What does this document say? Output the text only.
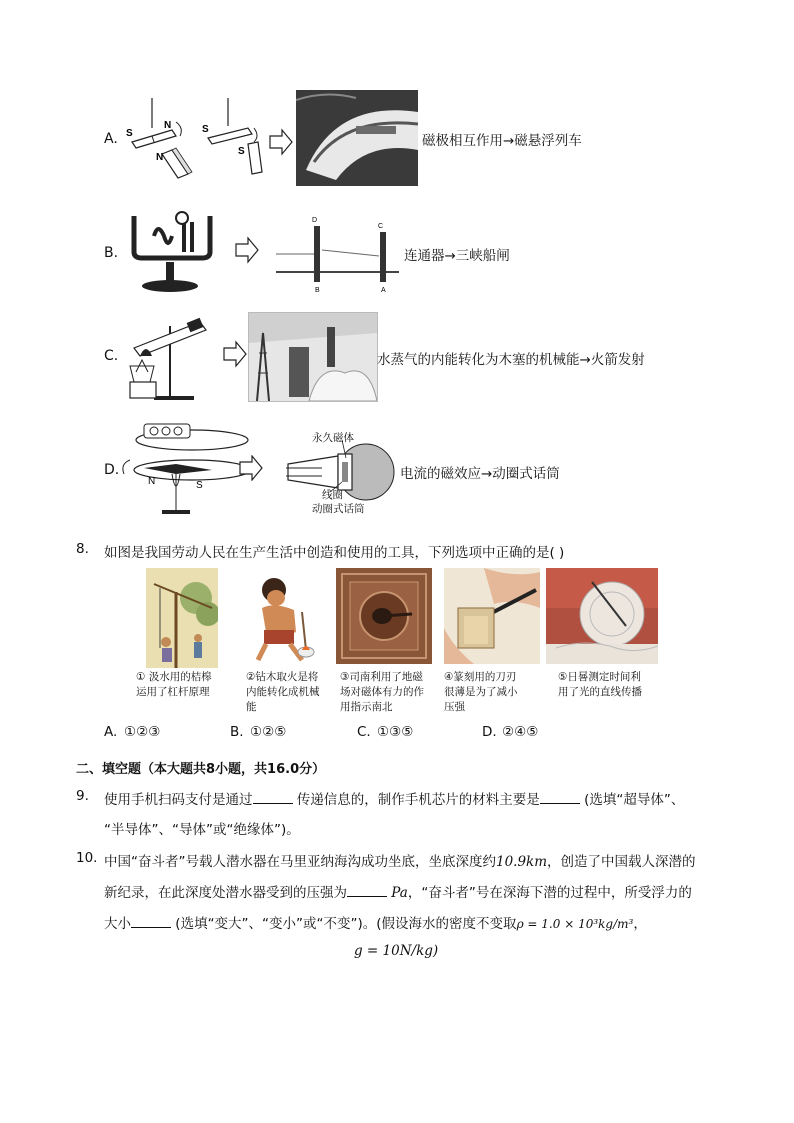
A. S
N
N
S
S
磁极相互作用→磁悬浮列车
B.
D
C
B	A
连通器→三峡船闸
C.	水蒸气的内能转化为木塞的机械能→火箭发射
D.
N	S
永久磁体
线圈
动圈式话筒
电流的磁效应→动圈式话筒
8. 如图是我国劳动人民在生产生活中创造和使用的工具，下列选项中正确的是( )
① 汲水用的桔槔运用了杠杆原理
②钻木取火是将内能转化成机械能
③司南利用了地磁场对磁体有力的作用指示南北
④篆刻用的刀刃很薄是为了减小压强
⑤日晷测定时间利用了光的直线传播
A. ①②③	B. ①②⑤	C. ①③⑤	D. ②④⑤
二、填空题（本大题共8小题，共16.0分）
9. 使用手机扫码支付是通过	传递信息的，制作手机芯片的材料主要是	(选填“超导体”、
“半导体”、“导体”或“绝缘体”)。
10. 中国“奋斗者”号载人潜水器在马里亚纳海沟成功坐底，坐底深度约10.9km，创造了中国载人深潜的
新纪录，在此深度处潜水器受到的压强为	Pa，“奋斗者”号在深海下潜的过程中，所受浮力的
大小	(选填“变大”、“变小”或“不变”)。(假设海水的密度不变取ρ = 1.0 × 10³kg/m³，
g = 10N/kg)
